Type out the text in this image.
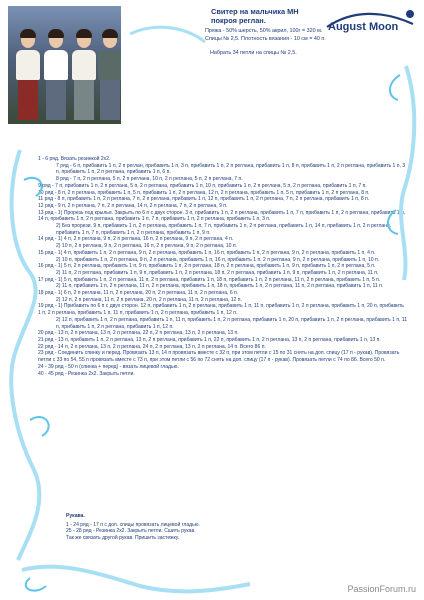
August Moon
Свитер на мальчика МН
покроя реглан.
Пряжа - 50% шерсть, 50% акрил, 100г = 320 м.
Спицы № 2,5. Плотность вязания - 10 см = 40 п.
Набрать 34 петли на спицы № 2,5.
1 - 6 ряд. Вязать резинкой 2х2.
7 ряд - 6 п, прибавить 1 п, 2 п реглан, прибавить 1 п, 3 п, прибавить 1 п, 2 п реглана, прибавить 1 п, 8 п, прибавить 1 п, 2 п реглана, прибавить 1 п, 3 п, прибавить 1 п, 2 п реглана, прибавить 1 п, 6 п.
8 ряд - 7 п, 2 п реглана, 5 п, 2 п реглана, 10 п, 2 п реглана, 5 п, 2 п реглана, 7 п.
9 ряд - 7 п, прибавить 1 п, 2 п реглана, 5 п, 2 п реглана, прибавить 1 п, 10 п, прибавить 1 п, 2 п реглана, 5 п, 2 п реглана, прибавить 1 п, 7 п.
10 ряд - 8 п, 2 п реглана, прибавить 1 п, 5 п, прибавить 1 п, 2 п реглана, 12 п, 2 п реглана, прибавить 1 п, 5 п, прибавить 1 п, 2 п реглана, 8 п.
11 ряд - 8 п, прибавить 1 п, 2 п реглана, 7 п, 2 п реглана, прибавить 1 п, 12 п, прибавить 1 п, 2 п реглана, 7 п, 2 п реглана, прибавить 1 п, 8 п.
12 ряд - 9 п, 2 п реглана, 7 п, 2 п реглана, 14 п, 2 п реглана, 7 п, 2 п реглана, 9 п.
13 ряд - 1) Прорезь под крылья. Закрыть по 6 п с двух сторон. 3 п, прибавить 1 п, 2 п реглана, прибавить 1 п, 7 п, прибавить 1 п, 2 п реглана, прибавить 1 п, 14 п, прибавить 1 п, 2 п реглана, прибавить 1 п, 7 п, прибавить 1 п, 2 п реглана, прибавить 1 п, 3 п.
2) Без прорези. 9 п, прибавить 1 п, 2 п реглана, прибавить 1 п, 7 п, прибавить 1 п, 2 п реглана, прибавить 1 п, 14 п, прибавить 1 п, 2 п реглана, прибавить 1 п, 7 п, прибавить 1 п, 2 п реглана, прибавить 1 п, 9 п.
14 ряд - 1) 4 п, 2 п реглана, 9 п, 2 п реглана, 16 п, 2 п реглана, 9 п, 2 п реглана, 4 п.
2) 10 п, 2 п реглана, 9 п, 2 п реглана, 16 п, 2 п реглана, 9 п, 2 п реглана, 10 п.
15 ряд - 1) 4 п, прибавить 1 п, 2 п реглана, 9 п, 2 п реглана, прибавить 1 п, 16 п, прибавить 1 п, 2 п реглана, 9 п, 2 п реглана, прибавить 1 п, 4 п.
2) 10 п, прибавить 1 п, 2 п реглана, 9 п, 2 п реглана, прибавить 1 п, 16 п, прибавить 1 п, 2 п реглана, 9 п, 2 п реглана, прибавить 1 п, 10 п.
16 ряд - 1) 5 п, 2 п реглана, прибавить 1 п, 9 п, прибавить 1 п, 2 п реглана, 18 п, 2 п реглана, прибавить 1 п, 9 п, прибавить 1 п, 2 п реглана, 5 п.
2) 11 п, 2 п реглана, прибавить 1 п, 9 п, прибавить 1 п, 2 п реглана, 18 п, 2 п реглана, прибавить 1 п, 9 п, прибавить 1 п, 2 п реглана, 11 п.
17 ряд - 1) 5 п, прибавить 1 п, 2 п реглана, 11 п, 2 п реглана, прибавить 1 п, 18 п, прибавить 1 п, 2 п реглана, 11 п, 2 п реглана, прибавить 1 п, 5 п.
2) 11 п, прибавить 1 п, 2 п реглана, 11 п, 2 п реглана, прибавить 1 п, 18 п, прибавить 1 п, 2 п реглана, 11 п, 2 п реглана, прибавить 1 п, 11 п.
18 ряд - 1) 6 п, 2 п реглана, 11 п, 2 п реглана, 20 п, 2 п реглана, 11 п, 2 п реглана, 6 п.
2) 12 п, 2 п реглана, 11 п, 2 п реглана, 20 п, 2 п реглана, 11 п, 2 п реглана, 12 п.
19 ряд - 1) Прибавить по 6 п с двух сторон. 12 п, прибавить 1 п, 2 п реглана, прибавить 1 п, 11 п, прибавить 1 п, 2 п реглана, прибавить 1 п, 20 п, прибавить 1 п, 2 п реглана, прибавить 1 п, 11 п, прибавить 1 п, 2 п реглана, прибавить 1 п, 12 п.
2) 12 п, прибавить 1 п, 2 п реглана, прибавить 1 п, 11 п, прибавить 1 п, 2 п реглана, прибавить 1 п, 20 п, прибавить 1 п, 2 п реглана, прибавить 1 п, 11 п, прибавить 1 п, 2 п реглана, прибавить 1 п, 12 п.
20 ряд - 13 п, 2 п реглана, 13 п, 2 п реглана, 22 п, 2 п реглана, 13 п, 2 п реглана, 13 п.
21 ряд - 13 п, прибавить 1 п, 2 п реглана, 13 п, 2 п реглана, прибавить 1 п, 22 п, прибавить 1 п, 2 п реглана, 13 п, 2 п реглана, прибавить 1 п, 13 п.
22 ряд - 14 п, 2 п реглана, 13 п, 2 п реглана, 24 п, 2 п реглана, 13 п, 2 п реглана, 14 п. Всего 86 п.
23 ряд - Соединить спинку и перед. Провязать 13 п, 14 п провязать вместе с 32 п, при этом петли с 15 по 31 снять на доп. спицу (17 п - рукав). Провязать петли с 33 по 54, 55 п провязать вместе с 73 п, при этом петли с 56 по 72 снять на доп. спицу (17 п - рукав). Провязать петли с 74 по 86. Всего 50 п.
24 - 39 ряд - 50 п (спинка + перед) - вязать лицевой гладью.
40 - 45 ряд - Резинка 2х2. Закрыть петли.
Рукава.
1 - 24 ряд - 17 п с доп. спицы провязать лицевой гладью.
25 - 28 ряд - Резинка 2х2. Закрыть петли. Сшить рукав.
Так же связать другой рукав. Пришить застежку.
PassionForum.ru
